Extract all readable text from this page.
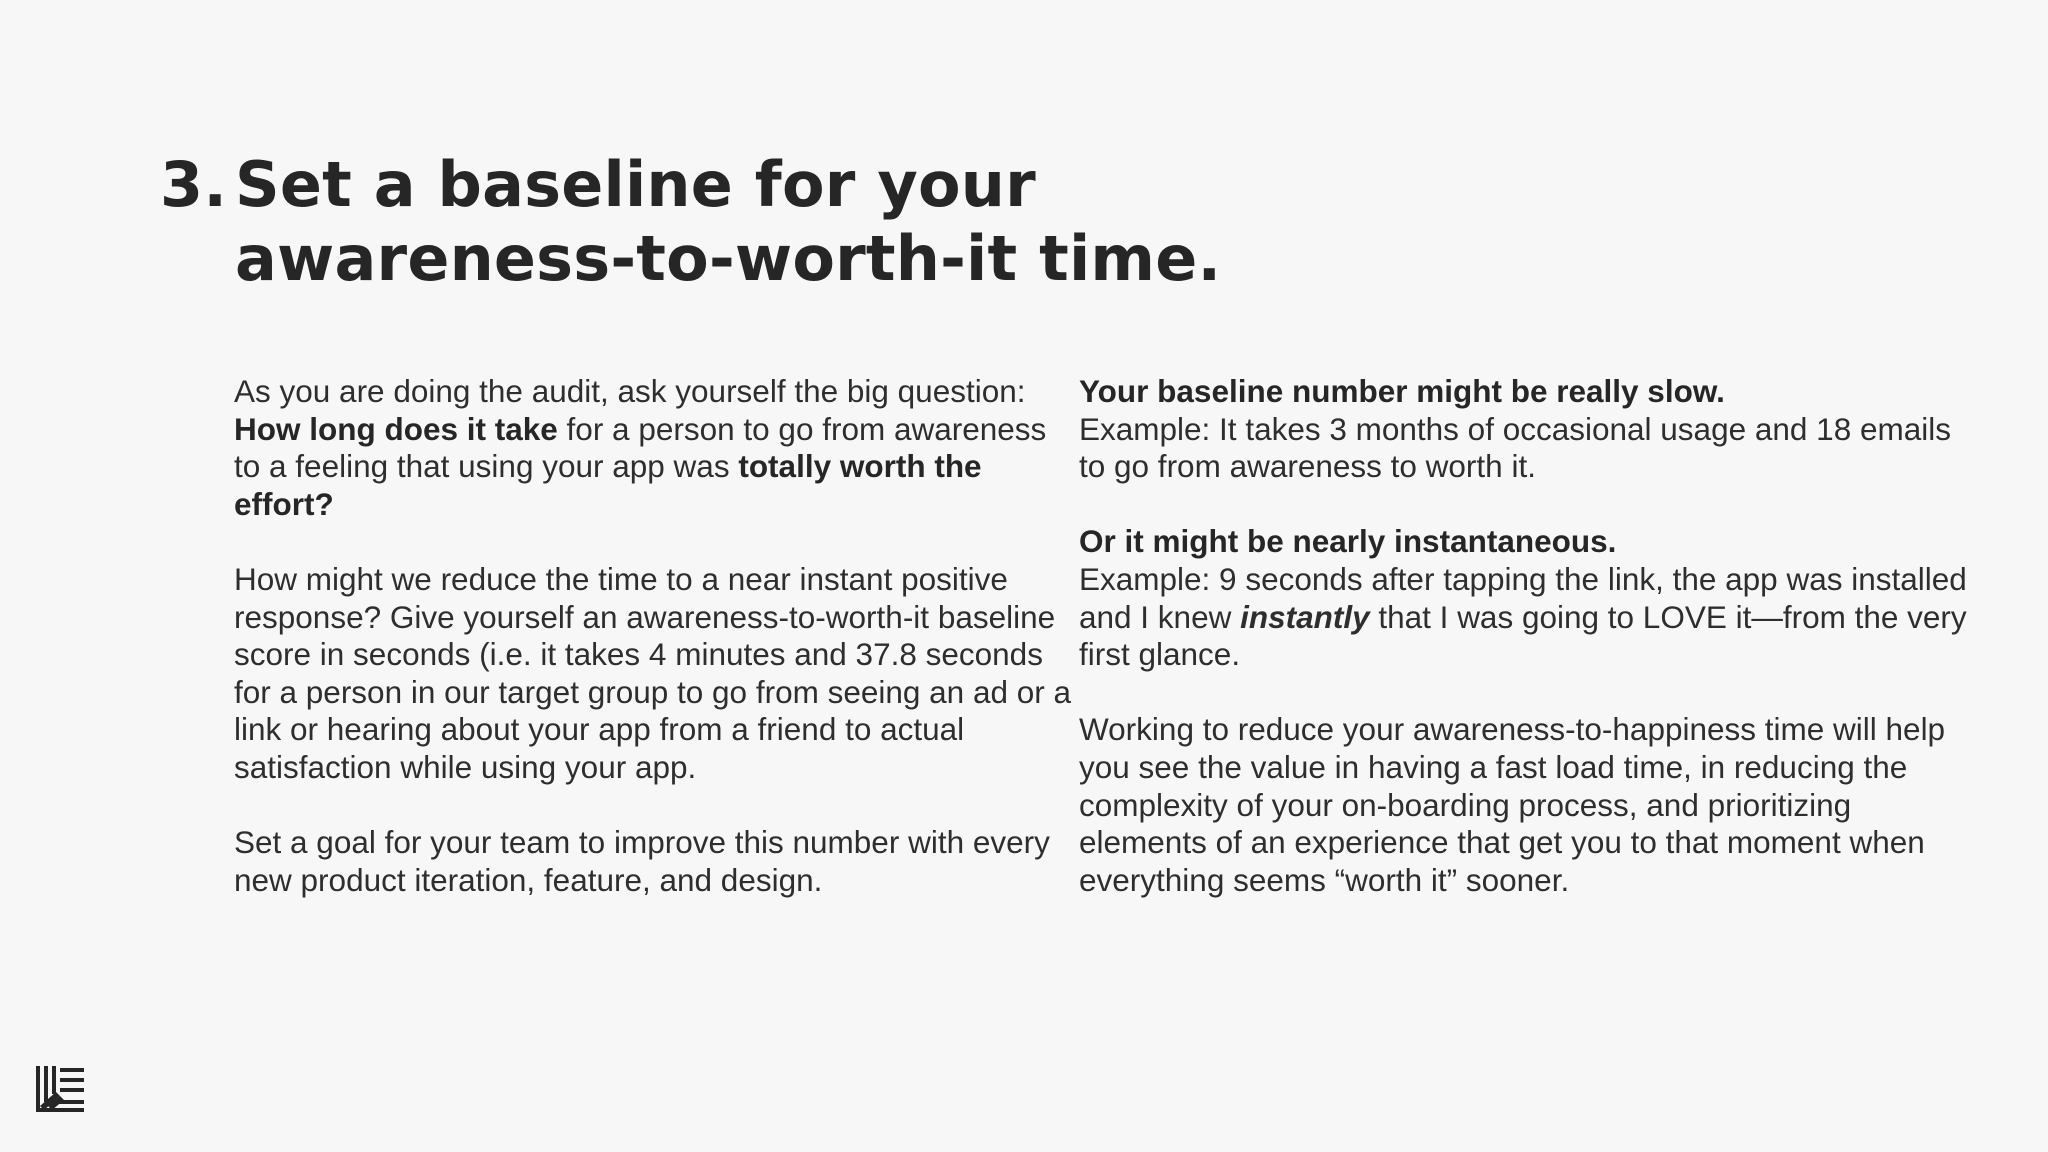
3. Set a baseline for your
awareness-to-worth-it time.

As you are doing the audit, ask yourself the big question: How long does it take for a person to go from awareness to a feeling that using your app was totally worth the effort?

How might we reduce the time to a near instant positive response? Give yourself an awareness-to-worth-it baseline score in seconds (i.e. it takes 4 minutes and 37.8 seconds for a person in our target group to go from seeing an ad or a link or hearing about your app from a friend to actual satisfaction while using your app.

Set a goal for your team to improve this number with every new product iteration, feature, and design.

Your baseline number might be really slow.
Example: It takes 3 months of occasional usage and 18 emails to go from awareness to worth it.

Or it might be nearly instantaneous.
Example: 9 seconds after tapping the link, the app was installed and I knew instantly that I was going to LOVE it—from the very first glance.

Working to reduce your awareness-to-happiness time will help you see the value in having a fast load time, in reducing the complexity of your on-boarding process, and prioritizing elements of an experience that get you to that moment when everything seems “worth it” sooner.
